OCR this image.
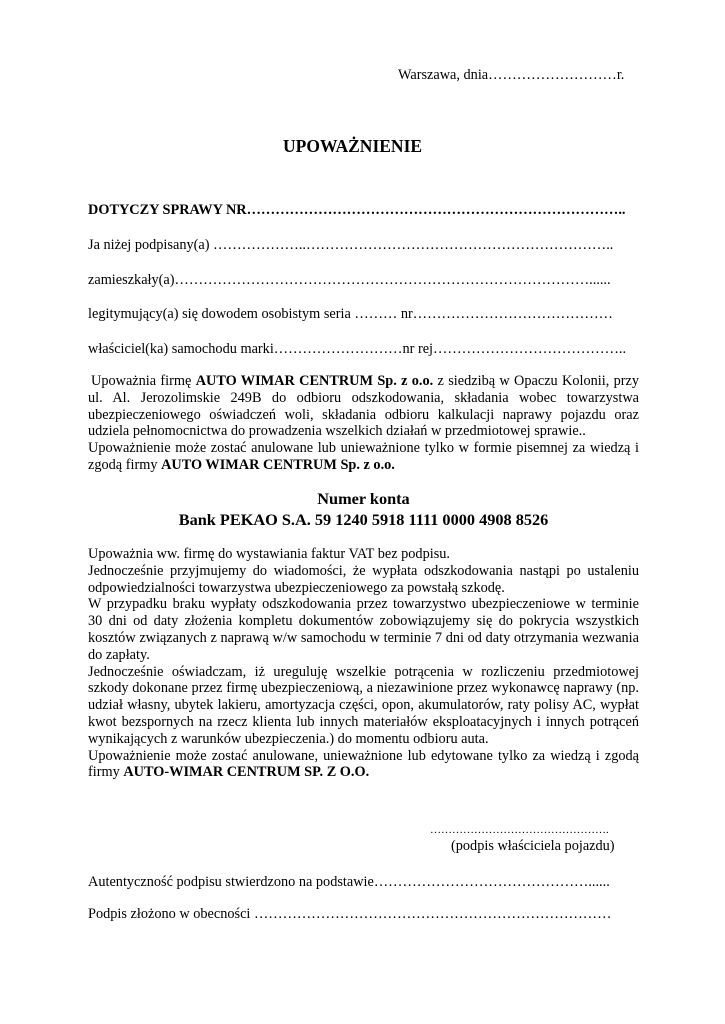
Warszawa, dnia………………………r.
UPOWAŻNIENIE
DOTYCZY SPRAWY NR……………………………………………………………………..
Ja niżej podpisany(a) ………………..………………………………………………………..
zamieszkały(a)……………………………………………………………………………......
legitymujący(a) się dowodem osobistym seria ……… nr……………………………………
właściciel(ka) samochodu marki………………………nr rej…………………………………..

Upoważnia firmę AUTO WIMAR CENTRUM Sp. z o.o. z siedzibą w Opaczu Kolonii, przy ul. Al. Jerozolimskie 249B do odbioru odszkodowania, składania wobec towarzystwa ubezpieczeniowego oświadczeń woli, składania odbioru kalkulacji naprawy pojazdu oraz udziela pełnomocnictwa do prowadzenia wszelkich działań w przedmiotowej sprawie..

Upoważnienie może zostać anulowane lub unieważnione tylko w formie pisemnej za wiedzą i zgodą firmy AUTO WIMAR CENTRUM Sp. z o.o.

Numer konta
Bank PEKAO S.A. 59 1240 5918 1111 0000 4908 8526

Upoważnia ww. firmę do wystawiania faktur VAT bez podpisu.

Jednocześnie przyjmujemy do wiadomości, że wypłata odszkodowania nastąpi po ustaleniu odpowiedzialności towarzystwa ubezpieczeniowego za powstałą szkodę.

W przypadku braku wypłaty odszkodowania przez towarzystwo ubezpieczeniowe w terminie 30 dni od daty złożenia kompletu dokumentów zobowiązujemy się do pokrycia wszystkich kosztów związanych z naprawą w/w samochodu w terminie 7 dni od daty otrzymania wezwania do zapłaty.

Jednocześnie oświadczam, iż ureguluję wszelkie potrącenia w rozliczeniu przedmiotowej szkody dokonane przez firmę ubezpieczeniową, a niezawinione przez wykonawcę naprawy (np. udział własny, ubytek lakieru, amortyzacja części, opon, akumulatorów, raty polisy AC, wypłat kwot bezspornych na rzecz klienta lub innych materiałów eksploatacyjnych i innych potrąceń wynikających z warunków ubezpieczenia.) do momentu odbioru auta.

Upoważnienie może zostać anulowane, unieważnione lub edytowane tylko za wiedzą i zgodą firmy AUTO-WIMAR CENTRUM SP. Z O.O.

………………………………………….
(podpis właściciela pojazdu)
Autentyczność podpisu stwierdzono na podstawie………………………………………......
Podpis złożono w obecności …………………………………………………………………
